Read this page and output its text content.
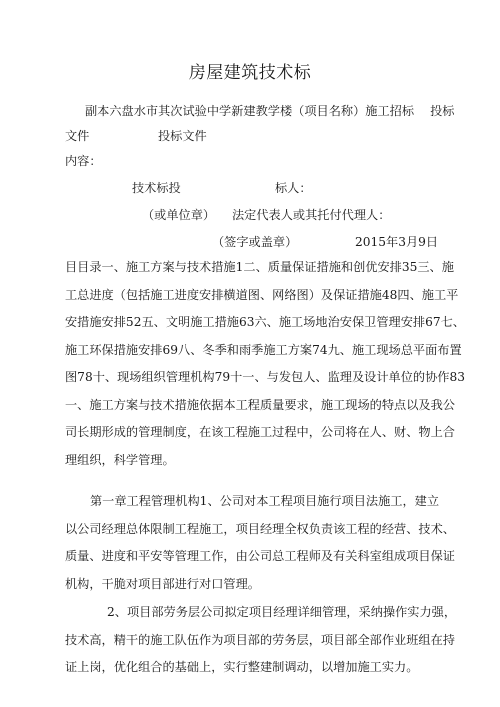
房屋建筑技术标
副本六盘水市其次试验中学新建教学楼（项目名称）施工招标　 投标
文件	投标文件
内容：
技术标投	标人：
（或单位章） 法定代表人或其托付代理人：
（签字或盖章）	2015年3月9日
目目录一、施工方案与技术措施1二、质量保证措施和创优安排35三、施
工总进度（包括施工进度安排横道图、网络图）及保证措施48四、施工平
安措施安排52五、文明施工措施63六、施工场地治安保卫管理安排67七、
施工环保措施安排69八、冬季和雨季施工方案74九、施工现场总平面布置
图78十、现场组织管理机构79十一、与发包人、监理及设计单位的协作83
一、施工方案与技术措施依据本工程质量要求，施工现场的特点以及我公
司长期形成的管理制度，在该工程施工过程中，公司将在人、财、物上合
理组织，科学管理。
第一章工程管理机构1、公司对本工程项目施行项目法施工，建立
以公司经理总体限制工程施工，项目经理全权负责该工程的经营、技术、
质量、进度和平安等管理工作，由公司总工程师及有关科室组成项目保证
机构，干脆对项目部进行对口管理。
2、项目部劳务层公司拟定项目经理详细管理，采纳操作实力强，
技术高，精干的施工队伍作为项目部的劳务层，项目部全部作业班组在持
证上岗，优化组合的基础上，实行整建制调动，以增加施工实力。
